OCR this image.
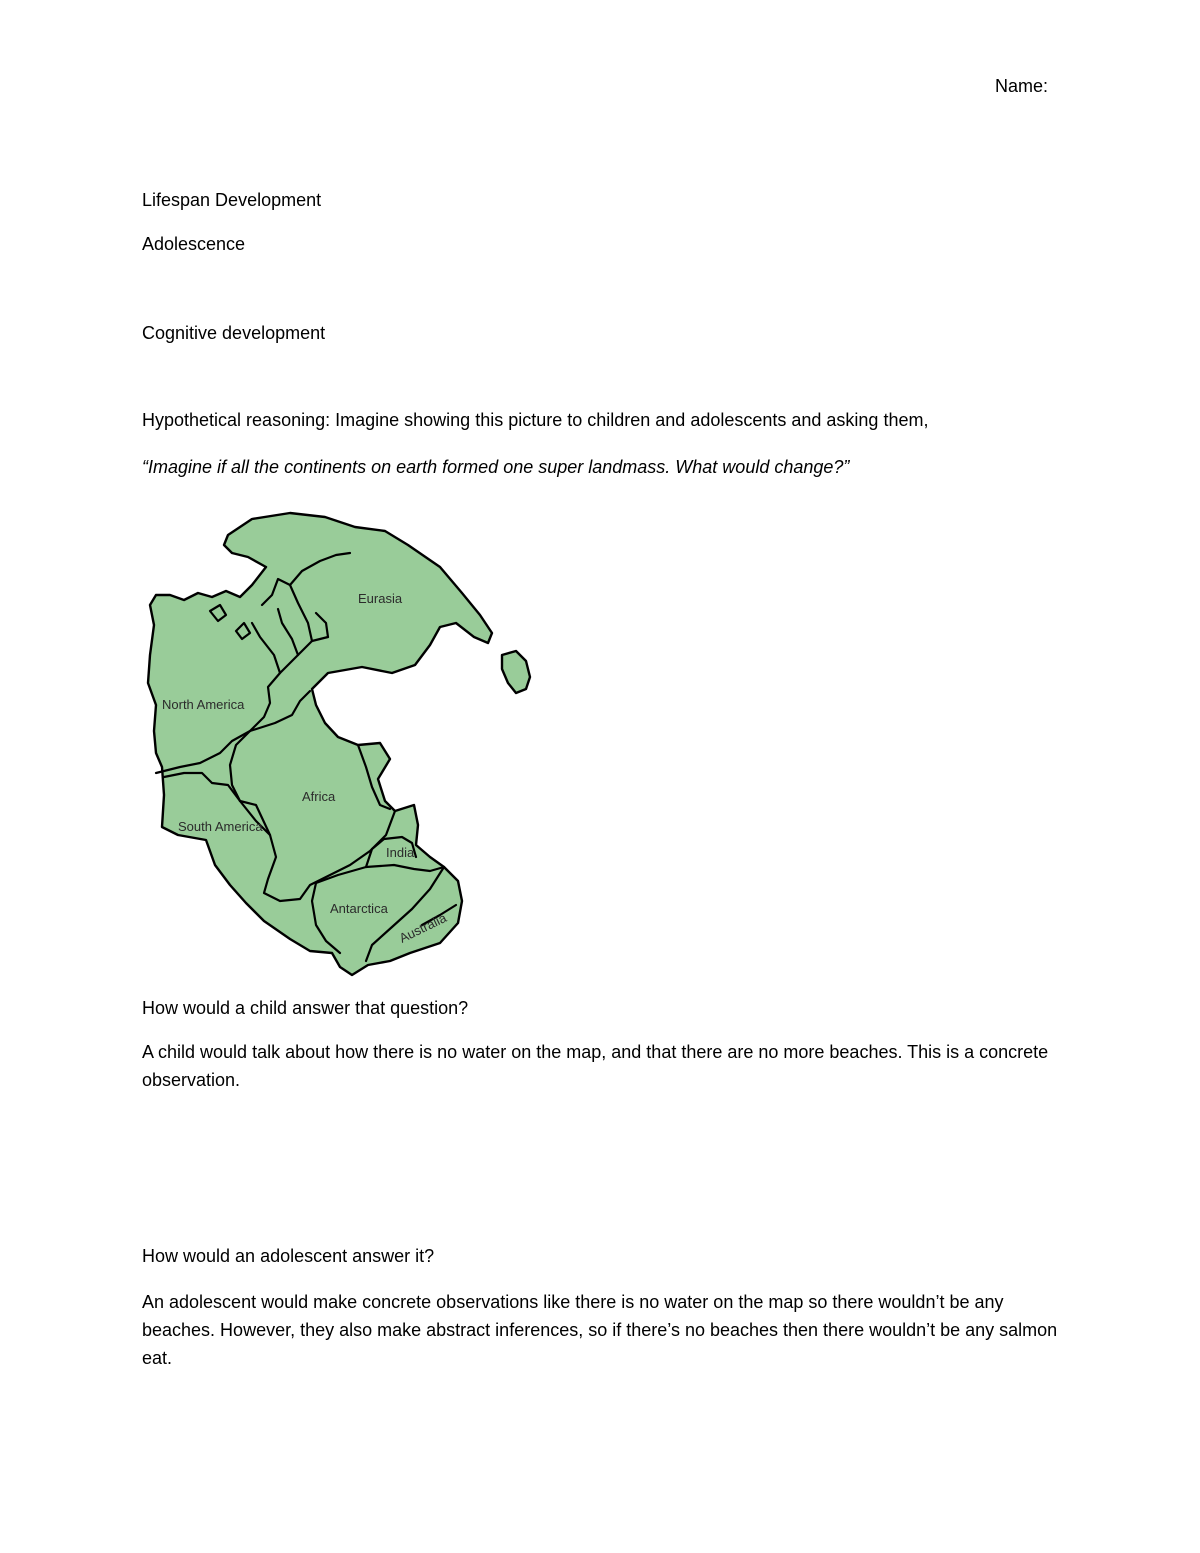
Name:
Lifespan Development
Adolescence
Cognitive development
Hypothetical reasoning: Imagine showing this picture to children and adolescents and asking them,
“Imagine if all the continents on earth formed one super landmass. What would change?”
Eurasia
North America
Africa
South America
India
Antarctica
Australia
How would a child answer that question?
A child would talk about how there is no water on the map, and that there are no more beaches. This is a concrete observation.
How would an adolescent answer it?
An adolescent would make concrete observations like there is no water on the map so there wouldn’t be any beaches. However, they also make abstract inferences, so if there’s no beaches then there wouldn’t be any salmon eat.
